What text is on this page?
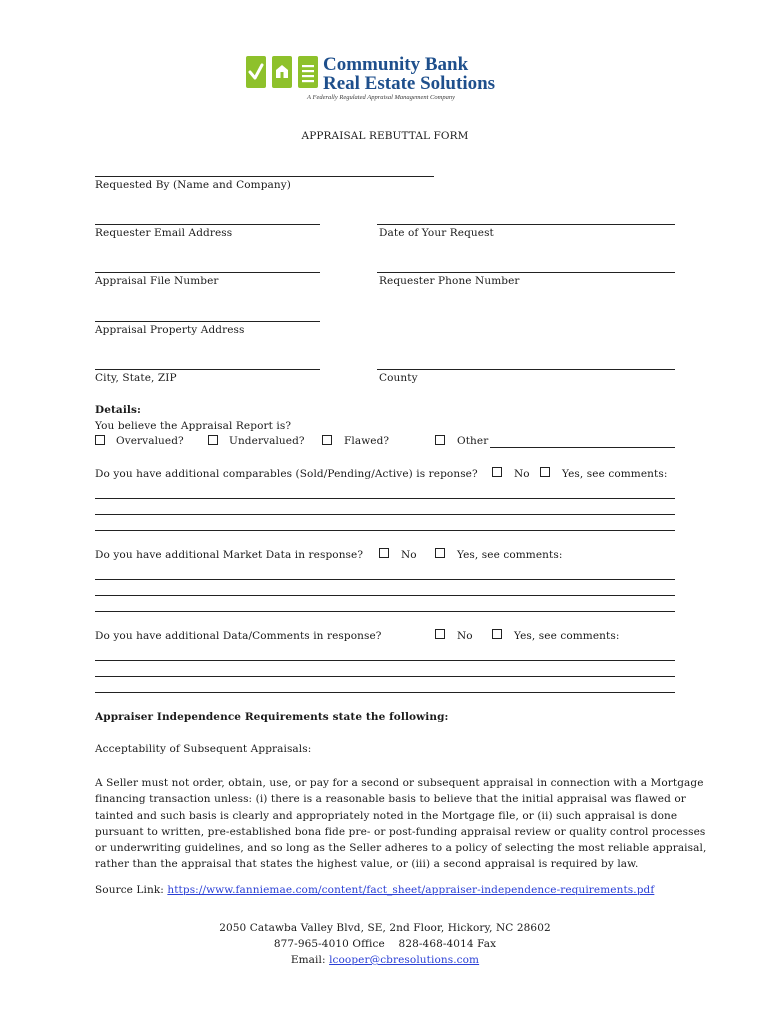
Community Bank
Real Estate Solutions
A Federally Regulated Appraisal Management Company
APPRAISAL REBUTTAL FORM
Requested By (Name and Company)
Requester Email Address	Date of Your Request
Appraisal File Number	Requester Phone Number
Appraisal Property Address
City, State, ZIP	County
Details:
You believe the Appraisal Report is?
Overvalued?	Undervalued?	Flawed?	Other
Do you have additional comparables (Sold/Pending/Active) is reponse?	No	Yes, see comments:
Do you have additional Market Data in response?	No	Yes, see comments:
Do you have additional Data/Comments in response?	No	Yes, see comments:
Appraiser Independence Requirements state the following:
Acceptability of Subsequent Appraisals:
A Seller must not order, obtain, use, or pay for a second or subsequent appraisal in connection with a Mortgage
financing transaction unless: (i) there is a reasonable basis to believe that the initial appraisal was flawed or
tainted and such basis is clearly and appropriately noted in the Mortgage file, or (ii) such appraisal is done
pursuant to written, pre-established bona fide pre- or post-funding appraisal review or quality control processes
or underwriting guidelines, and so long as the Seller adheres to a policy of selecting the most reliable appraisal,
rather than the appraisal that states the highest value, or (iii) a second appraisal is required by law.
Source Link: https://www.fanniemae.com/content/fact_sheet/appraiser-independence-requirements.pdf
2050 Catawba Valley Blvd, SE, 2nd Floor, Hickory, NC 28602
877-965-4010 Office    828-468-4014 Fax
Email: lcooper@cbresolutions.com
